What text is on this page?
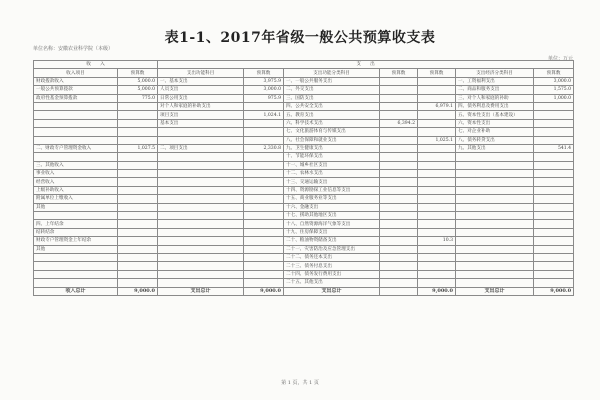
表1-1、2017年省级一般公共预算收支表
单位名称：安徽农业科学院（本级）
单位：万元
收　　入		支　　出						
收入项目	预算数	支出功能科目	预算数	支出功能分类科目	预算数	预算数	支出经济分类科目	预算数
财政拨款收入	5,000.0	一、基本支出	3,975.9	一、一般公共服务支出			一、工资福利支出	3,000.0
一般公共预算拨款	5,000.0	人员支出	3,000.0	二、外交支出			二、商品和服务支出	1,575.0
政府性基金预算拨款	775.0	日常公用支出	975.9	三、国防支出			三、对个人和家庭的补助	1,000.0
		对个人和家庭的补助支出		四、公共安全支出		6,979.1	四、债务利息及费用支出	
		项目支出	1,024.1	五、教育支出			五、资本性支出（基本建设）	
		基本支出		六、科学技术支出	6,394.2		六、资本性支出	
				七、文化旅游体育与传媒支出			七、对企业补助	
				八、社会保障和就业支出		1,025.1	八、债务转贷支出	
二、财政专户管理资金收入	1,027.5	二、项目支出	2,330.8	九、卫生健康支出			九、其他支出	541.4
				十、节能环保支出				
三、其他收入				十一、城乡社区支出				
事业收入				十二、农林水支出				
经营收入				十三、交通运输支出				
上级补助收入				十四、资源勘探工业信息等支出				
附属单位上缴收入				十五、商业服务业等支出				
其他				十六、金融支出				
				十七、援助其他地区支出				
四、上年结余				十八、自然资源海洋气象等支出				
结转结余				十九、住房保障支出				
财政专户管理资金上年结余				二十、粮油物资储备支出		10.3		
其他				二十一、灾害防治及应急管理支出				
				二十二、债务还本支出				
				二十三、债务付息支出				
				二十四、债务发行费用支出				
				二十五、其他支出				
收入总计	9,000.0	支出总计	9,000.0	支出总计		9,000.0	支出总计	9,000.0
第 1 页，共 1 页
